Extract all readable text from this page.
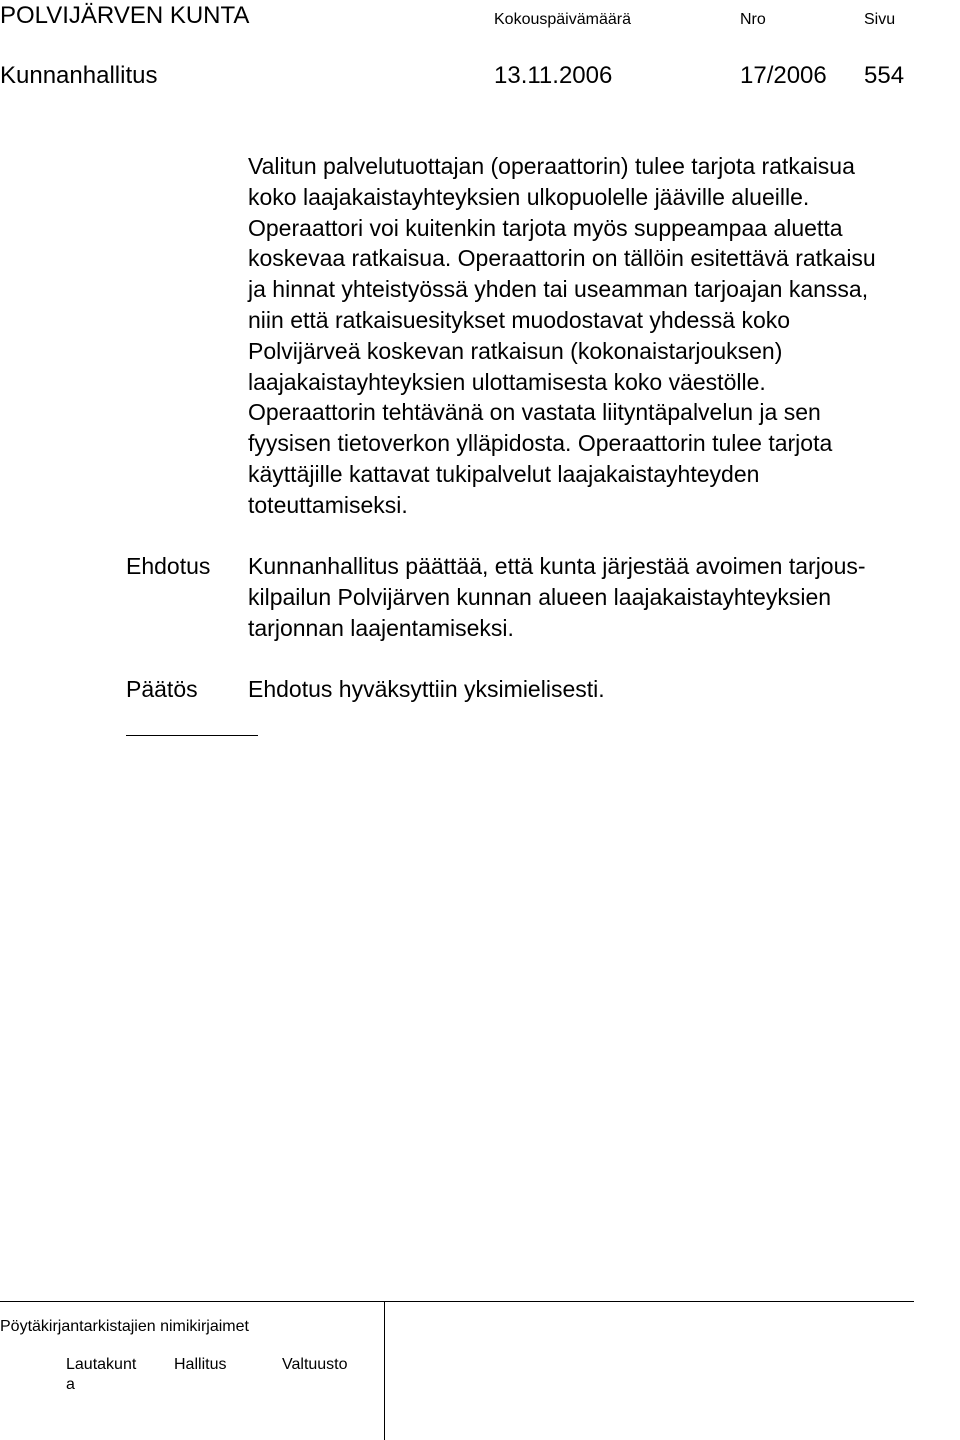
POLVIJÄRVEN KUNTA	Kokouspäivämäärä	Nro	Sivu
Kunnanhallitus	13.11.2006	17/2006 554
Valitun palvelutuottajan (operaattorin) tulee tarjota ratkaisua
koko laajakaistayhteyksien ulkopuolelle jääville alueille.
Operaattori voi kuitenkin tarjota myös suppeampaa aluetta
koskevaa ratkaisua. Operaattorin on tällöin esitettävä ratkaisu
ja hinnat yhteistyössä yhden tai useamman tarjoajan kanssa,
niin että ratkaisuesitykset muodostavat yhdessä koko
Polvijärveä koskevan ratkaisun (kokonaistarjouksen)
laajakaistayhteyksien ulottamisesta koko väestölle.
Operaattorin tehtävänä on vastata liityntäpalvelun ja sen
fyysisen tietoverkon ylläpidosta. Operaattorin tulee tarjota
käyttäjille kattavat tukipalvelut laajakaistayhteyden
toteuttamiseksi.
Ehdotus Kunnanhallitus päättää, että kunta järjestää avoimen tarjous-
kilpailun Polvijärven kunnan alueen laajakaistayhteyksien
tarjonnan laajentamiseksi.
Päätös Ehdotus hyväksyttiin yksimielisesti.
Pöytäkirjantarkistajien nimikirjaimet
Lautakunt
a
Hallitus	Valtuusto
